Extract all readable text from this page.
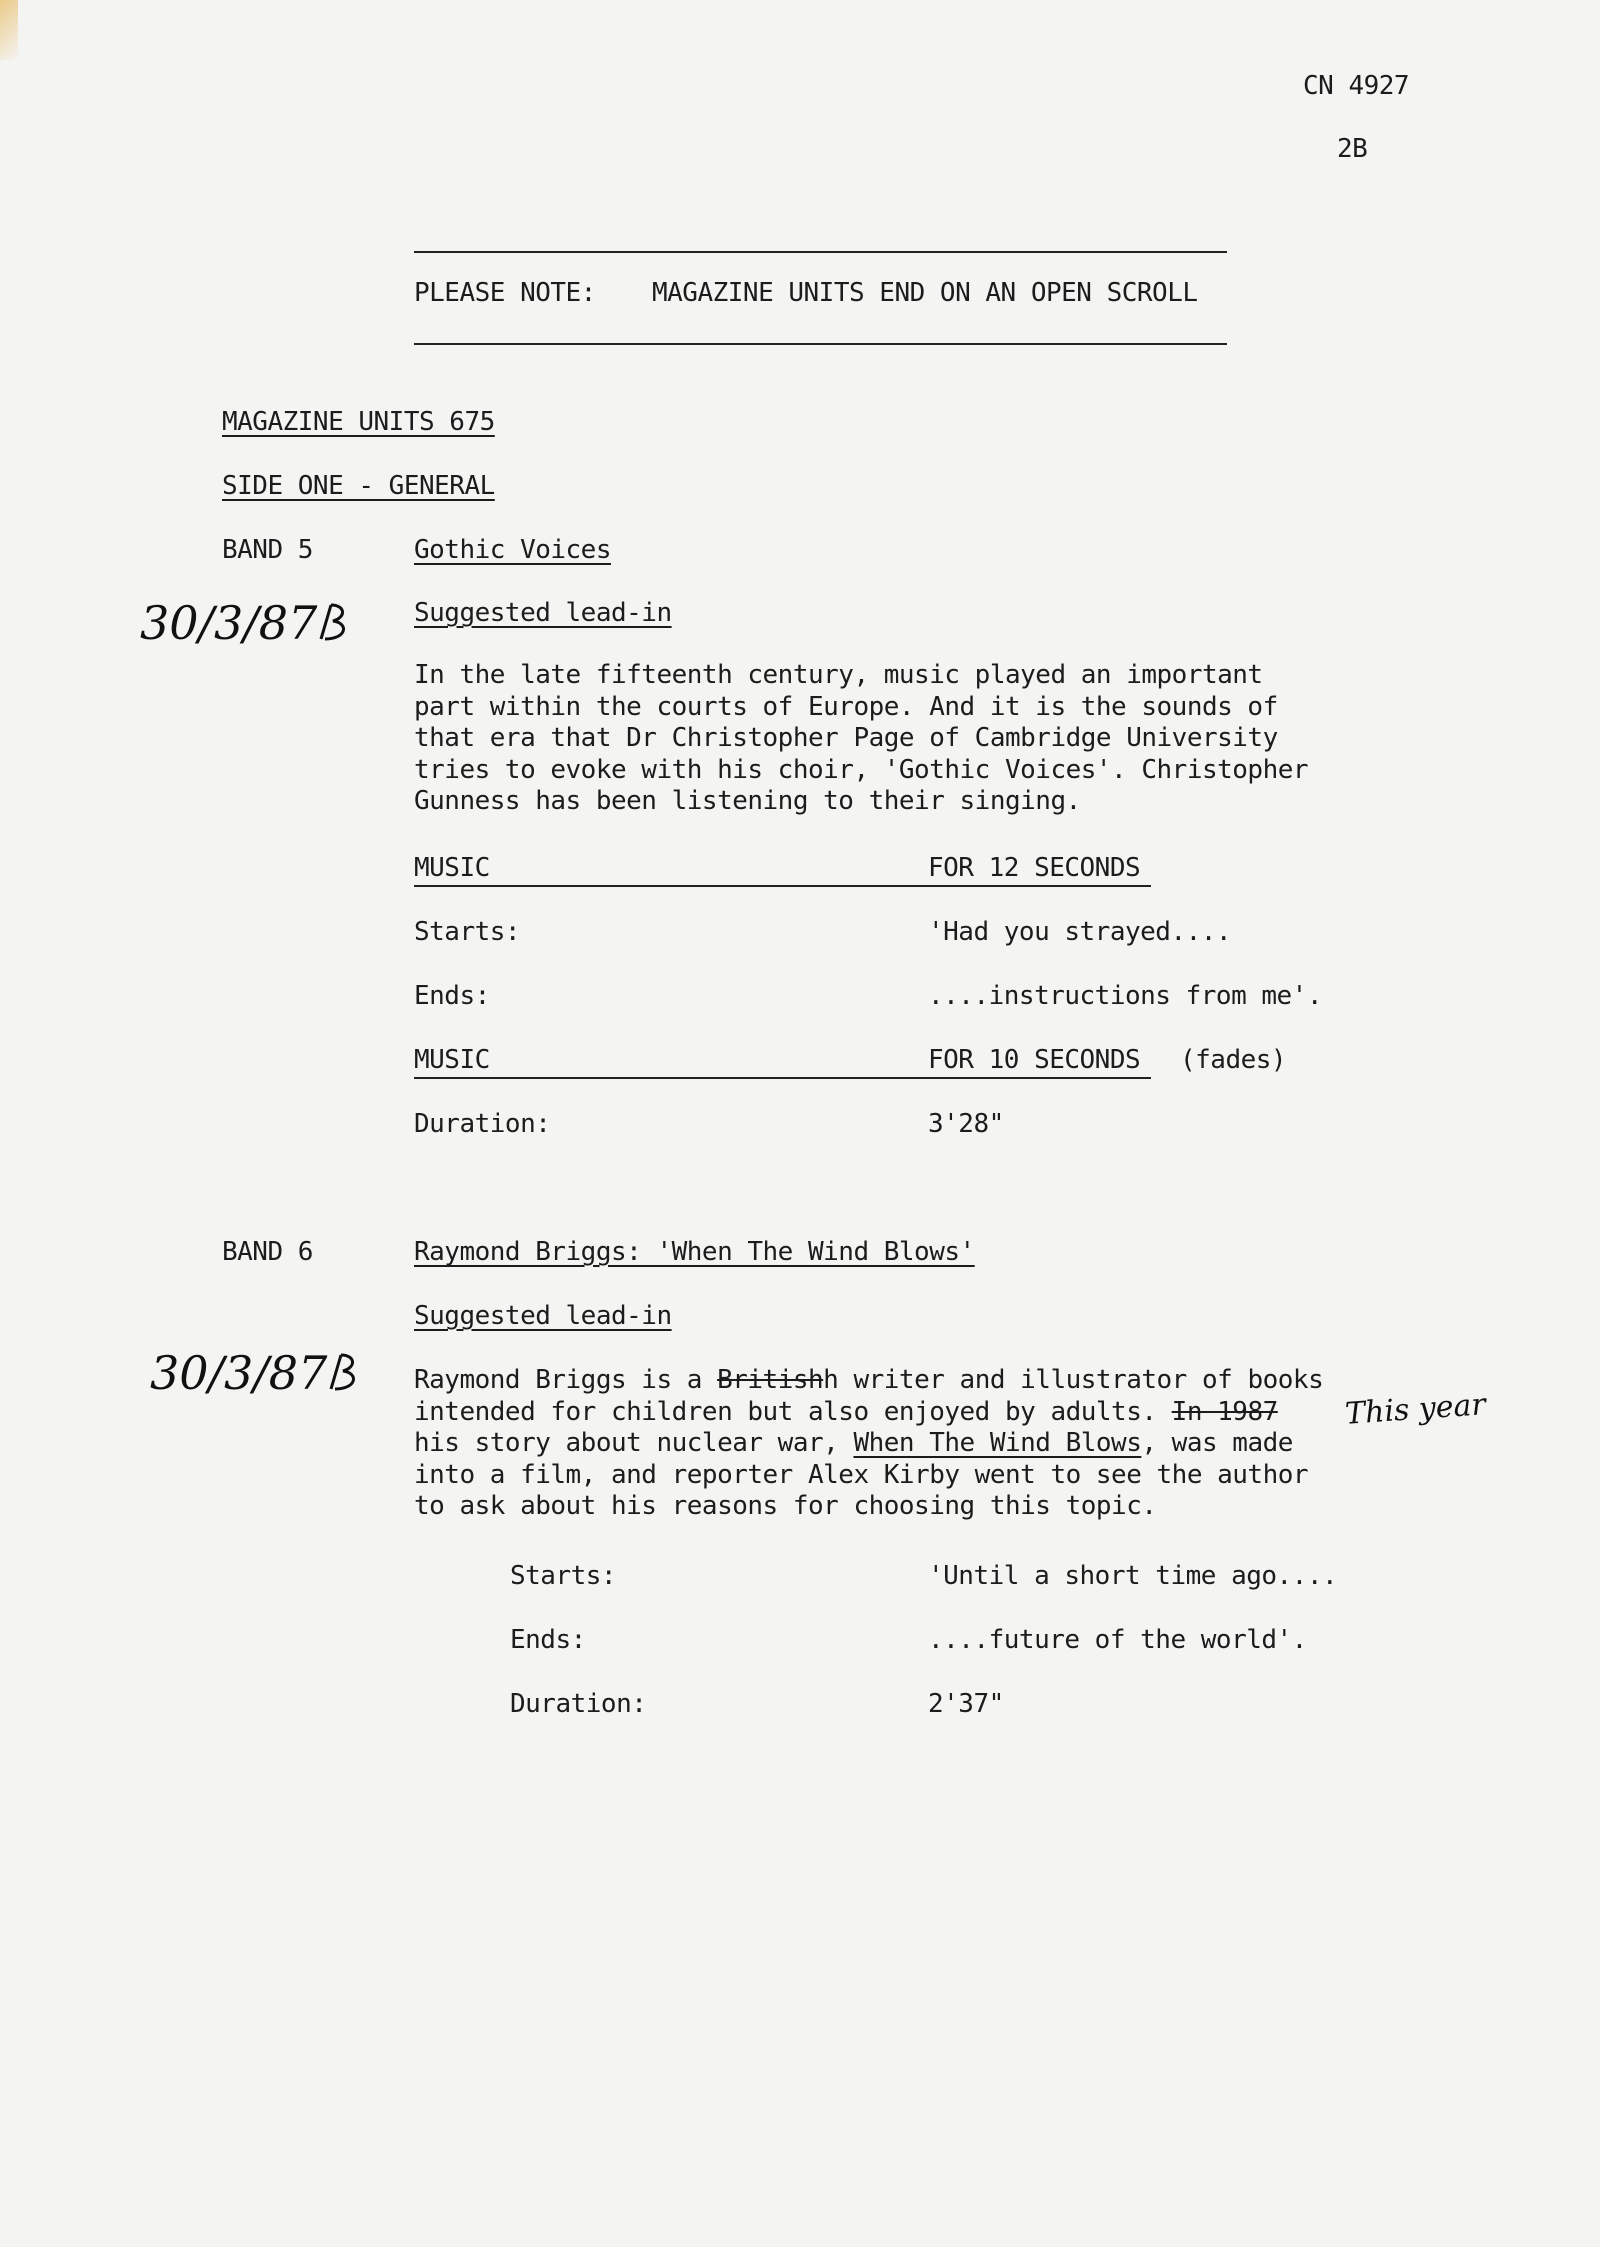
CN 4927
2B
PLEASE NOTE: MAGAZINE UNITS END ON AN OPEN SCROLL
MAGAZINE UNITS 675
SIDE ONE - GENERAL
BAND 5	Gothic Voices
30/3/87	Suggested lead-in
In the late fifteenth century, music played an important
part within the courts of Europe. And it is the sounds of
that era that Dr Christopher Page of Cambridge University
tries to evoke with his choir, 'Gothic Voices'. Christopher
Gunness has been listening to their singing.
MUSIC	FOR 12 SECONDS
Starts:	'Had you strayed....
Ends:	....instructions from me'.
MUSIC	FOR 10 SECONDS (fades)
Duration:	3'28"
BAND 6	Raymond Briggs: 'When The Wind Blows'
30/3/87
Suggested lead-in
Raymond Briggs is a Britishh writer and illustrator of books
intended for children but also enjoyed by adults. In 1987
his story about nuclear war, When The Wind Blows, was made
into a film, and reporter Alex Kirby went to see the author
to ask about his reasons for choosing this topic.
This year
Starts:	'Until a short time ago....
Ends:	....future of the world'.
Duration:	2'37"
